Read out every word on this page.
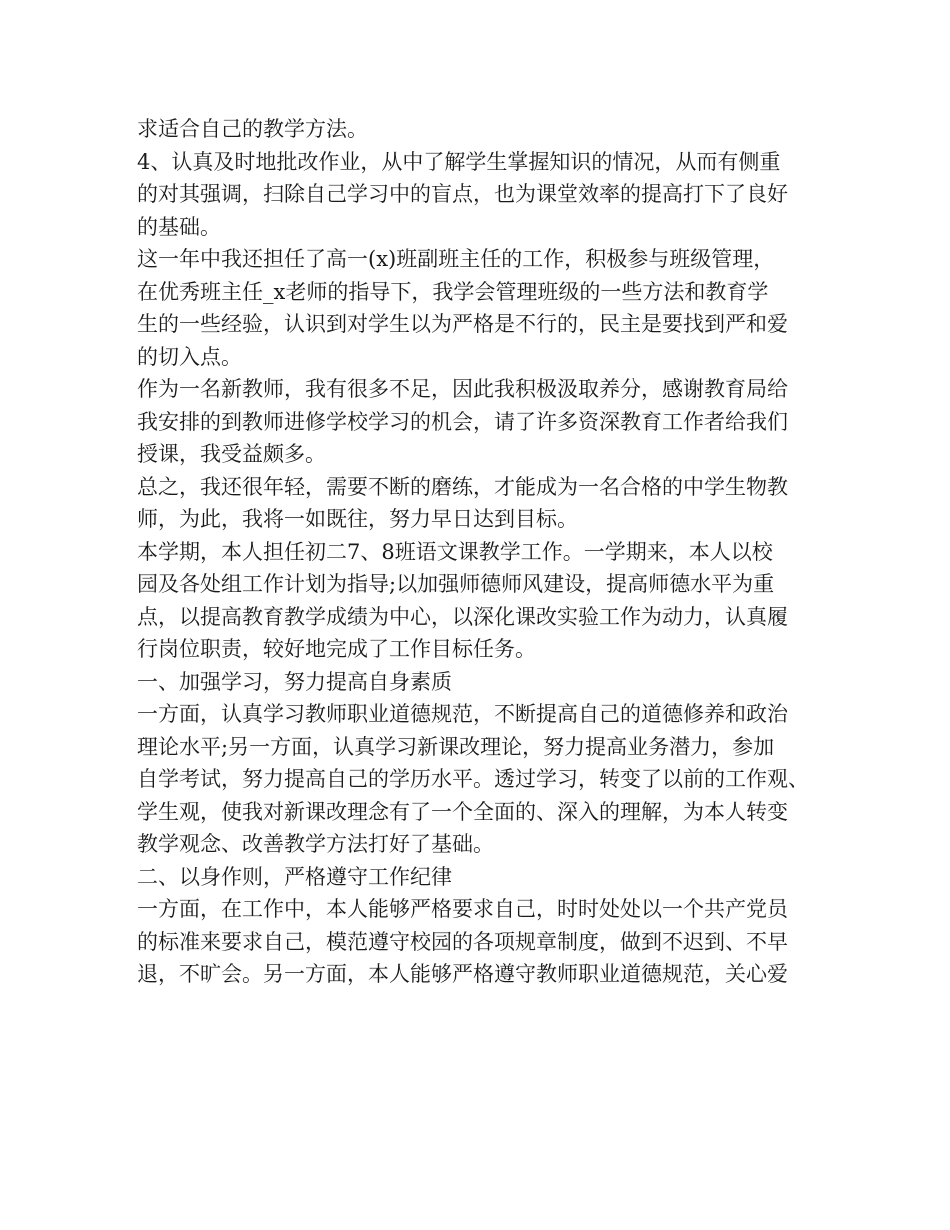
求适合自己的教学方法。
4、认真及时地批改作业，从中了解学生掌握知识的情况，从而有侧重
的对其强调，扫除自己学习中的盲点，也为课堂效率的提高打下了良好
的基础。
这一年中我还担任了高一(x)班副班主任的工作，积极参与班级管理，
在优秀班主任_x老师的指导下，我学会管理班级的一些方法和教育学
生的一些经验，认识到对学生以为严格是不行的，民主是要找到严和爱
的切入点。
作为一名新教师，我有很多不足，因此我积极汲取养分，感谢教育局给
我安排的到教师进修学校学习的机会，请了许多资深教育工作者给我们
授课，我受益颇多。
总之，我还很年轻，需要不断的磨练，才能成为一名合格的中学生物教
师，为此，我将一如既往，努力早日达到目标。
本学期，本人担任初二7、8班语文课教学工作。一学期来，本人以校
园及各处组工作计划为指导;以加强师德师风建设，提高师德水平为重
点，以提高教育教学成绩为中心，以深化课改实验工作为动力，认真履
行岗位职责，较好地完成了工作目标任务。
一、加强学习，努力提高自身素质
一方面，认真学习教师职业道德规范，不断提高自己的道德修养和政治
理论水平;另一方面，认真学习新课改理论，努力提高业务潜力，参加
自学考试，努力提高自己的学历水平。透过学习，转变了以前的工作观、
学生观，使我对新课改理念有了一个全面的、深入的理解，为本人转变
教学观念、改善教学方法打好了基础。
二、以身作则，严格遵守工作纪律
一方面，在工作中，本人能够严格要求自己，时时处处以一个共产党员
的标准来要求自己，模范遵守校园的各项规章制度，做到不迟到、不早
退，不旷会。另一方面，本人能够严格遵守教师职业道德规范，关心爱
